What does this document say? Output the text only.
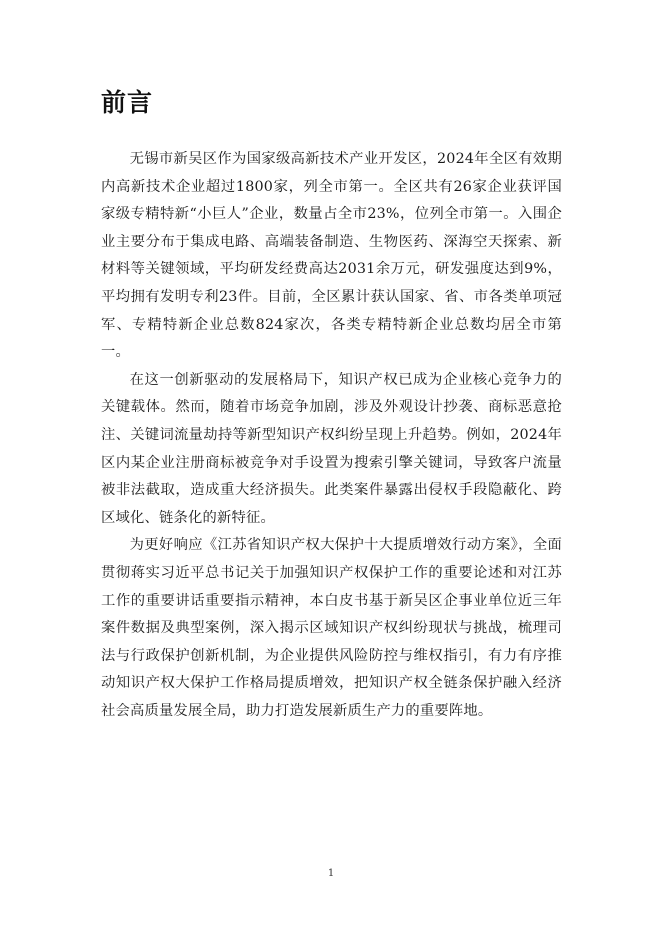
前言

无锡市新吴区作为国家级高新技术产业开发区，2024年全区有效期内高新技术企业超过1800家，列全市第一。全区共有26家企业获评国家级专精特新“小巨人”企业，数量占全市23%，位列全市第一。入围企业主要分布于集成电路、高端装备制造、生物医药、深海空天探索、新材料等关键领域，平均研发经费高达2031余万元，研发强度达到9%，平均拥有发明专利23件。目前，全区累计获认国家、省、市各类单项冠军、专精特新企业总数824家次，各类专精特新企业总数均居全市第一。

在这一创新驱动的发展格局下，知识产权已成为企业核心竞争力的关键载体。然而，随着市场竞争加剧，涉及外观设计抄袭、商标恶意抢注、关键词流量劫持等新型知识产权纠纷呈现上升趋势。例如，2024年区内某企业注册商标被竞争对手设置为搜索引擎关键词，导致客户流量被非法截取，造成重大经济损失。此类案件暴露出侵权手段隐蔽化、跨区域化、链条化的新特征。

为更好响应《江苏省知识产权大保护十大提质增效行动方案》，全面贯彻蒋实习近平总书记关于加强知识产权保护工作的重要论述和对江苏工作的重要讲话重要指示精神，本白皮书基于新吴区企事业单位近三年案件数据及典型案例，深入揭示区域知识产权纠纷现状与挑战，梳理司法与行政保护创新机制，为企业提供风险防控与维权指引，有力有序推动知识产权大保护工作格局提质增效，把知识产权全链条保护融入经济社会高质量发展全局，助力打造发展新质生产力的重要阵地。

1
